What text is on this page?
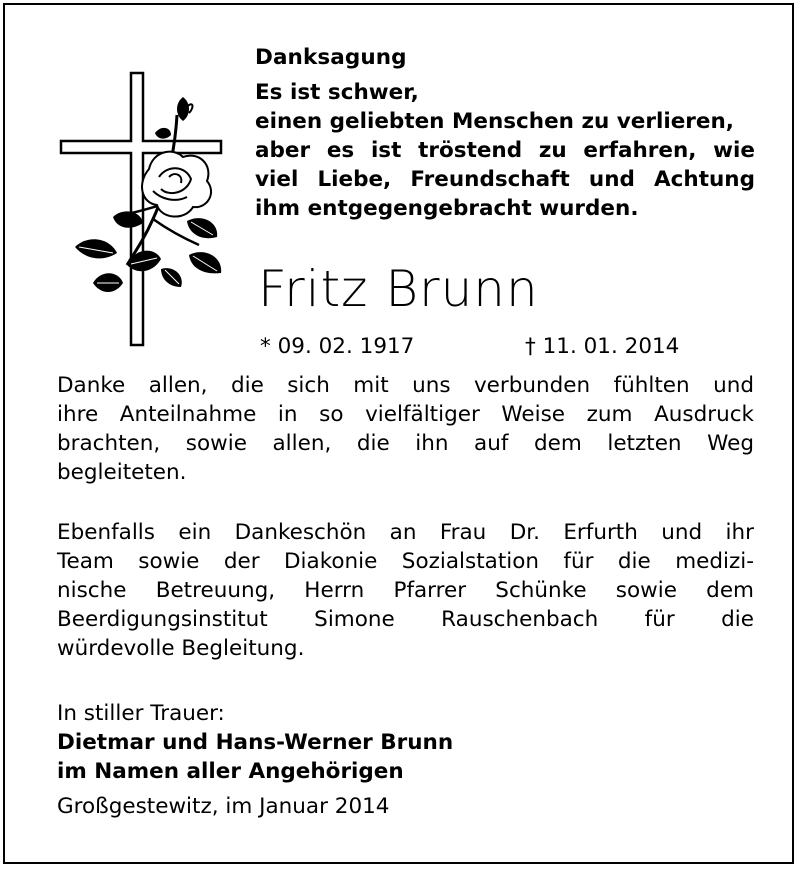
Danksagung
Es ist schwer,
einen geliebten Menschen zu verlieren,
aber es ist tröstend zu erfahren, wie
viel Liebe, Freundschaft und Achtung
ihm entgegengebracht wurden.
Fritz Brunn
* 09. 02. 1917	† 11. 01. 2014
Danke allen, die sich mit uns verbunden fühlten und
ihre Anteilnahme in so vielfältiger Weise zum Ausdruck
brachten, sowie allen, die ihn auf dem letzten Weg
begleiteten.
Ebenfalls ein Dankeschön an Frau Dr. Erfurth und ihr
Team sowie der Diakonie Sozialstation für die medizi-
nische Betreuung, Herrn Pfarrer Schünke sowie dem
Beerdigungsinstitut Simone Rauschenbach für die
würdevolle Begleitung.
In stiller Trauer:
Dietmar und Hans-Werner Brunn
im Namen aller Angehörigen
Großgestewitz, im Januar 2014
